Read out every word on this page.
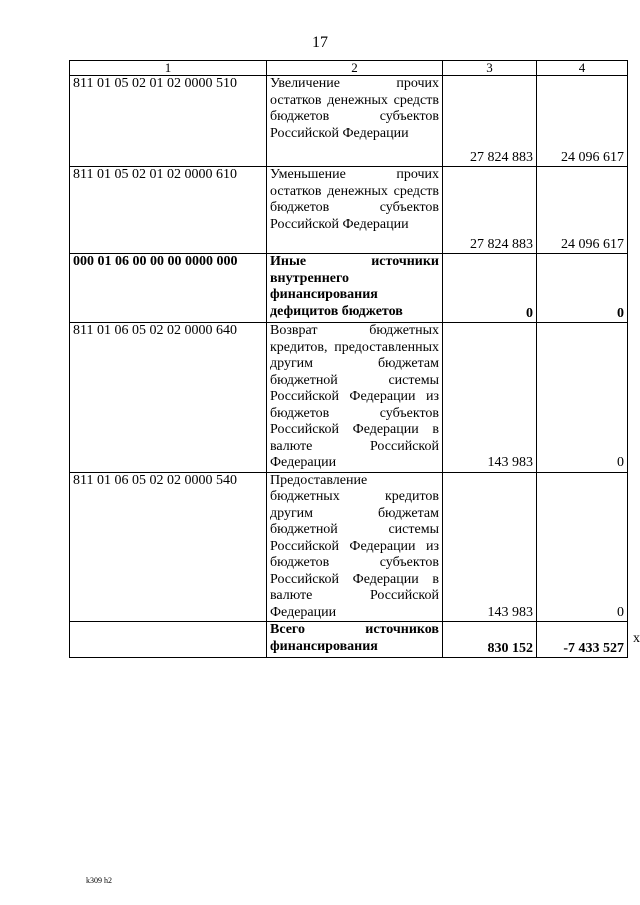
17
1	2	3	4
811 01 05 02 01 02 0000 510	Увеличение прочих остатков денежных средств бюджетов субъектов Российской Федерации	27 824 883	24 096 617
811 01 05 02 01 02 0000 610	Уменьшение прочих остатков денежных средств бюджетов субъектов Российской Федерации	27 824 883	24 096 617
000 01 06 00 00 00 0000 000	Иные источники внутреннего финансирования дефицитов бюджетов	0	0
811 01 06 05 02 02 0000 640	Возврат бюджетных кредитов, предоставленных другим бюджетам бюджетной системы Российской Федерации из бюджетов субъектов Российской Федерации в валюте Российской Федерации	143 983	0
811 01 06 05 02 02 0000 540	Предоставление бюджетных кредитов другим бюджетам бюджетной системы Российской Федерации из бюджетов субъектов Российской Федерации в валюте Российской Федерации	143 983	0
	Всего источников финансирования	830 152	-7 433 527
x
k309 h2
